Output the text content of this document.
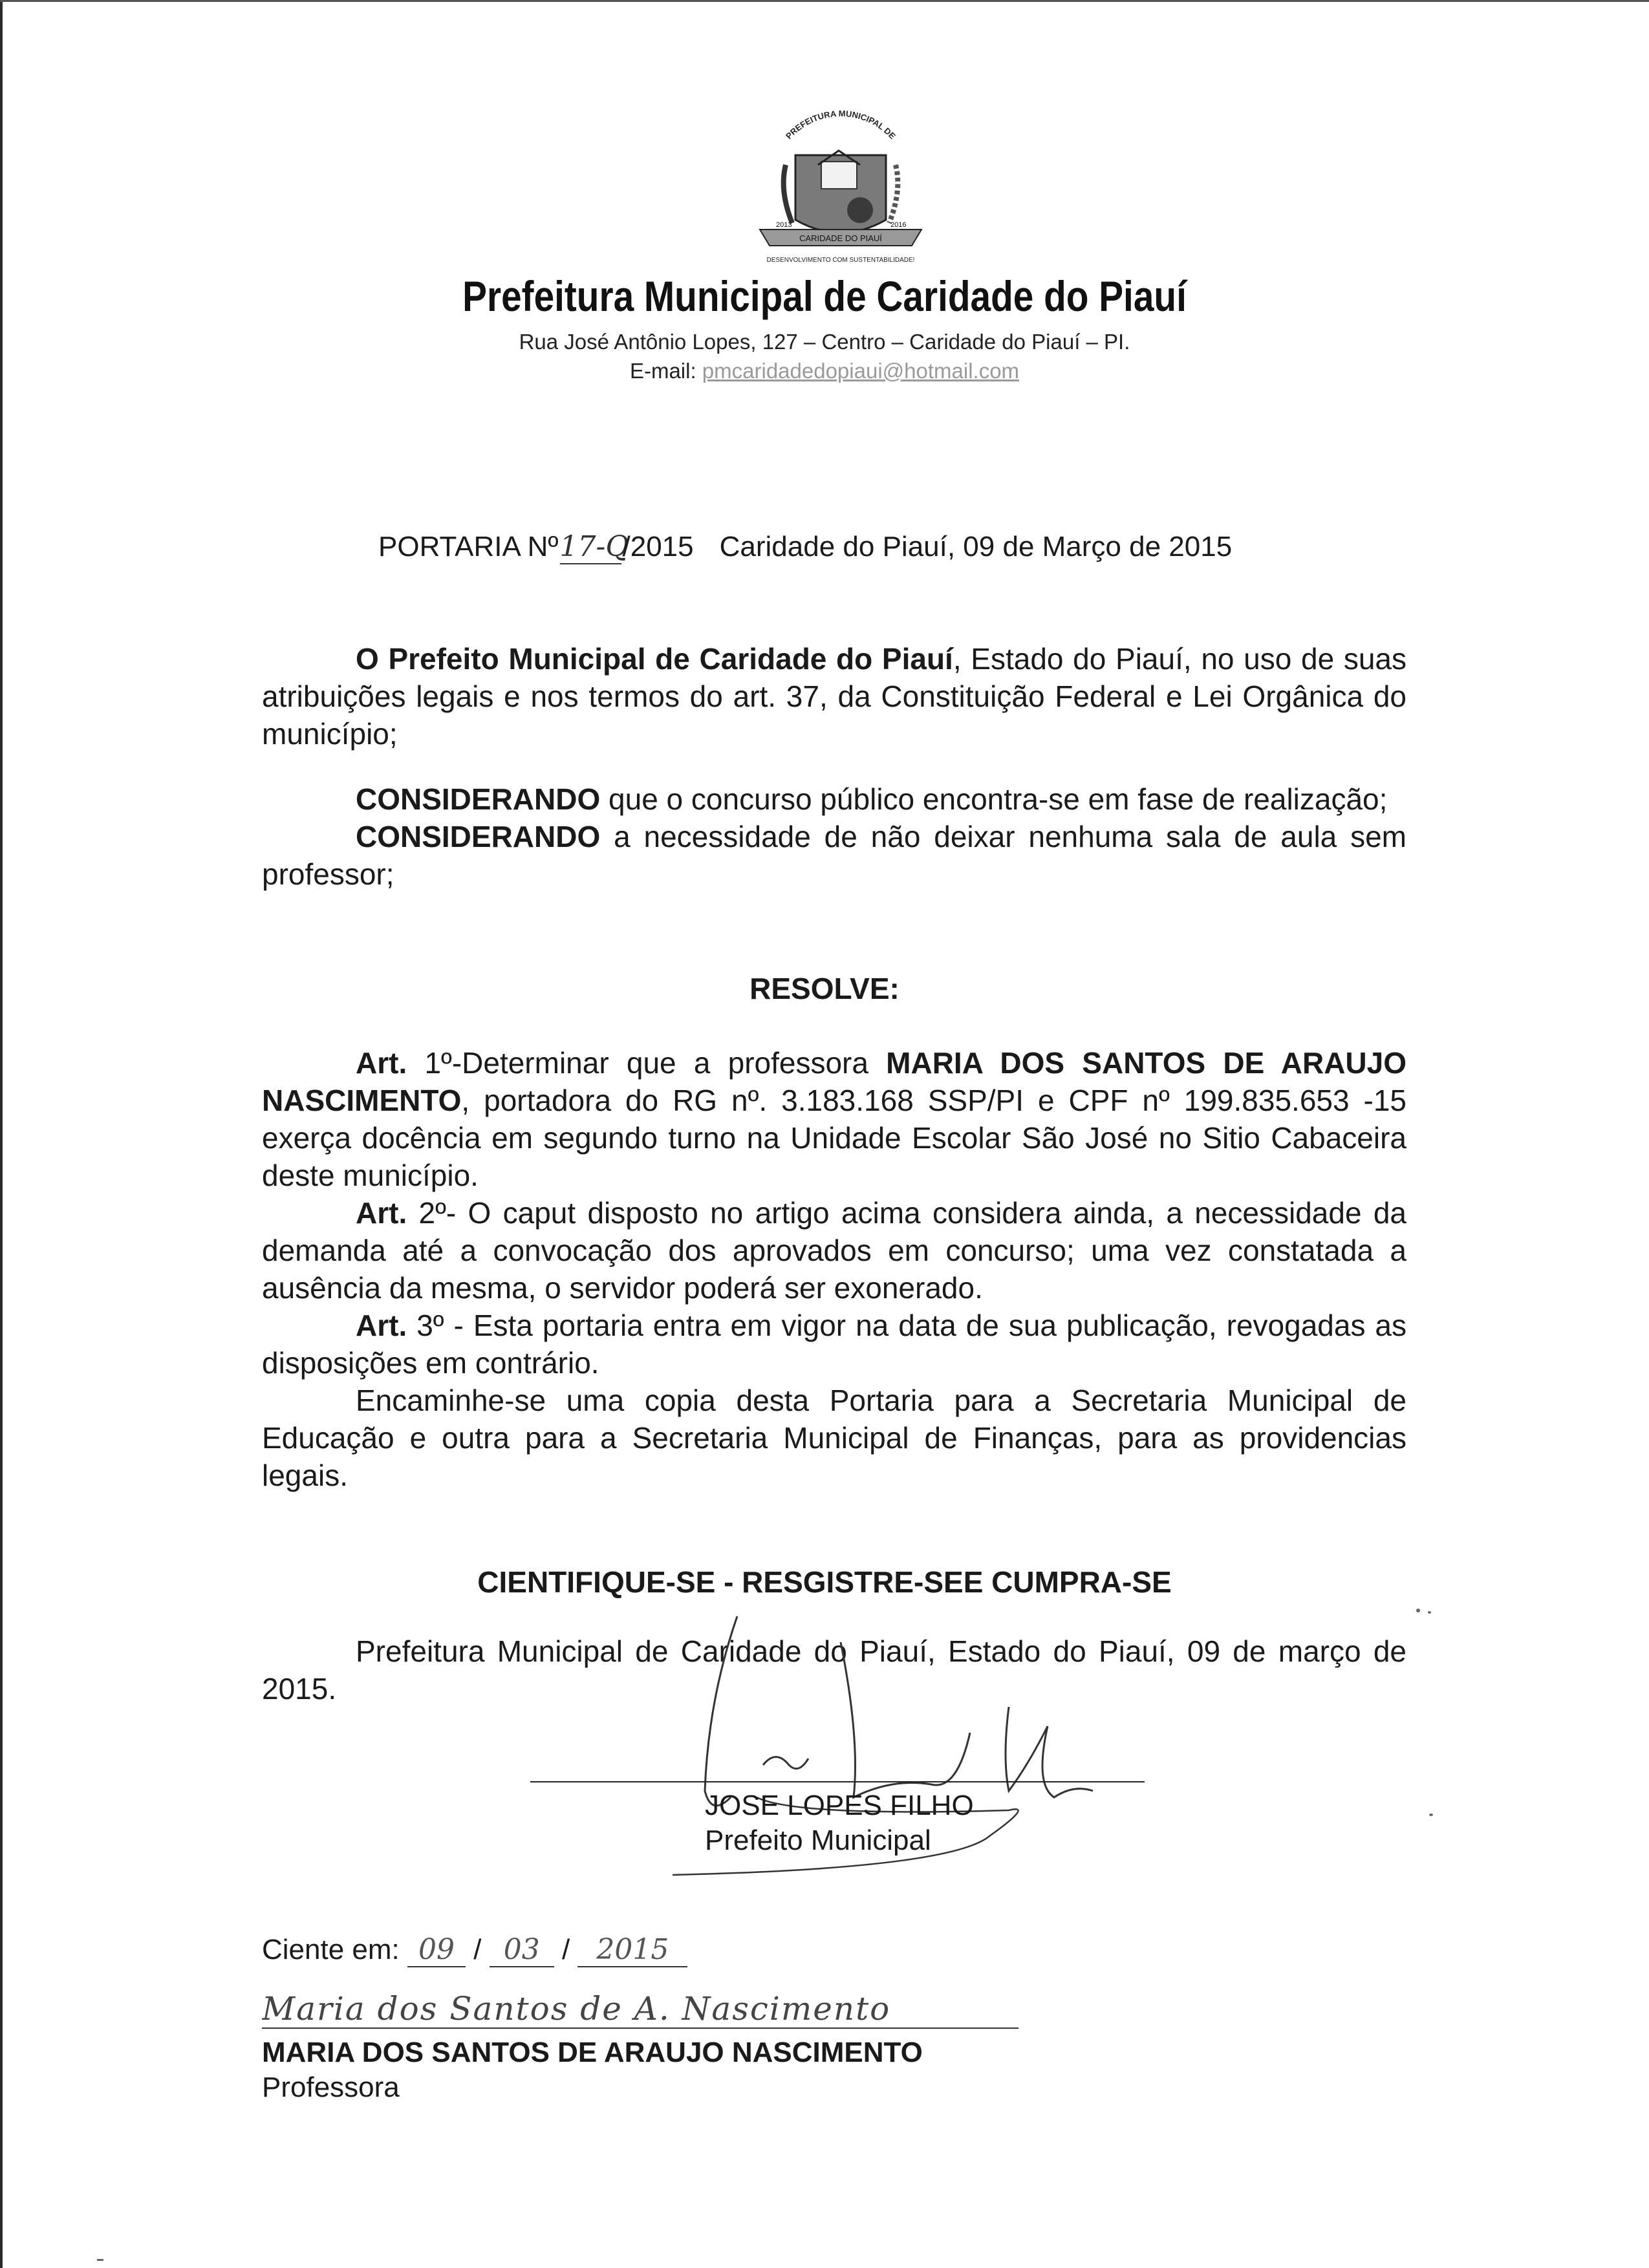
PREFEITURA MUNICIPAL DE
CARIDADE DO PIAUÍ
2013	2016
DESENVOLVIMENTO COM SUSTENTABILIDADE!
Prefeitura Municipal de Caridade do Piauí
Rua José Antônio Lopes, 127 – Centro – Caridade do Piauí – PI.
E-mail: pmcaridadedopiaui@hotmail.com
PORTARIA Nº17-Q/2015 Caridade do Piauí, 09 de Março de 2015

O Prefeito Municipal de Caridade do Piauí, Estado do Piauí, no uso de suas atribuições legais e nos termos do art. 37, da Constituição Federal e Lei Orgânica do município;

CONSIDERANDO que o concurso público encontra-se em fase de realização;

CONSIDERANDO a necessidade de não deixar nenhuma sala de aula sem professor;

RESOLVE:

Art. 1º-Determinar que a professora MARIA DOS SANTOS DE ARAUJO NASCIMENTO, portadora do RG nº. 3.183.168 SSP/PI e CPF nº 199.835.653 -15 exerça docência em segundo turno na Unidade Escolar São José no Sitio Cabaceira deste município.

Art. 2º- O caput disposto no artigo acima considera ainda, a necessidade da demanda até a convocação dos aprovados em concurso; uma vez constatada a ausência da mesma, o servidor poderá ser exonerado.

Art. 3º - Esta portaria entra em vigor na data de sua publicação, revogadas as disposições em contrário.

Encaminhe-se uma copia desta Portaria para a Secretaria Municipal de Educação e outra para a Secretaria Municipal de Finanças, para as providencias legais.

CIENTIFIQUE-SE - RESGISTRE-SEE CUMPRA-SE

Prefeitura Municipal de Caridade do Piauí, Estado do Piauí, 09 de março de 2015.

JOSE LOPES FILHO
Prefeito Municipal
Ciente em: 09 / 03 / 2015
Maria dos Santos de A. Nascimento
MARIA DOS SANTOS DE ARAUJO NASCIMENTO
Professora
